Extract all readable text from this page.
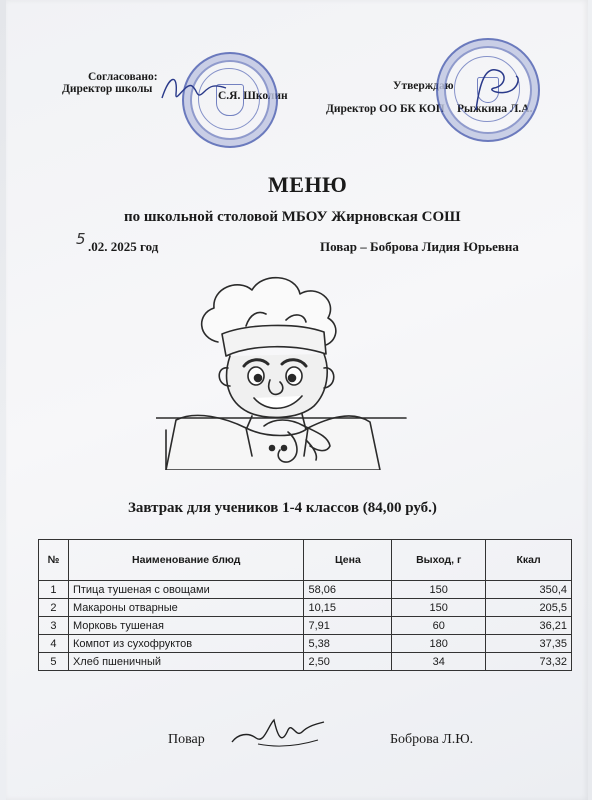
Согласовано:
Директор школы
С.Я. Школин
Утверждаю
Директор ОО БК КОП Рыжкина Л.А.
МЕНЮ
по школьной столовой МБОУ Жирновская СОШ
5 .02. 2025 год	Повар – Боброва Лидия Юрьевна
Завтрак для учеников 1-4 классов (84,00 руб.)
№	Наименование блюд	Цена	Выход, г	Ккал
1	Птица тушеная с овощами	58,06	150	350,4
2	Макароны отварные	10,15	150	205,5
3	Морковь тушеная	7,91	60	36,21
4	Компот из сухофруктов	5,38	180	37,35
5	Хлеб пшеничный	2,50	34	73,32
Повар	Боброва Л.Ю.
